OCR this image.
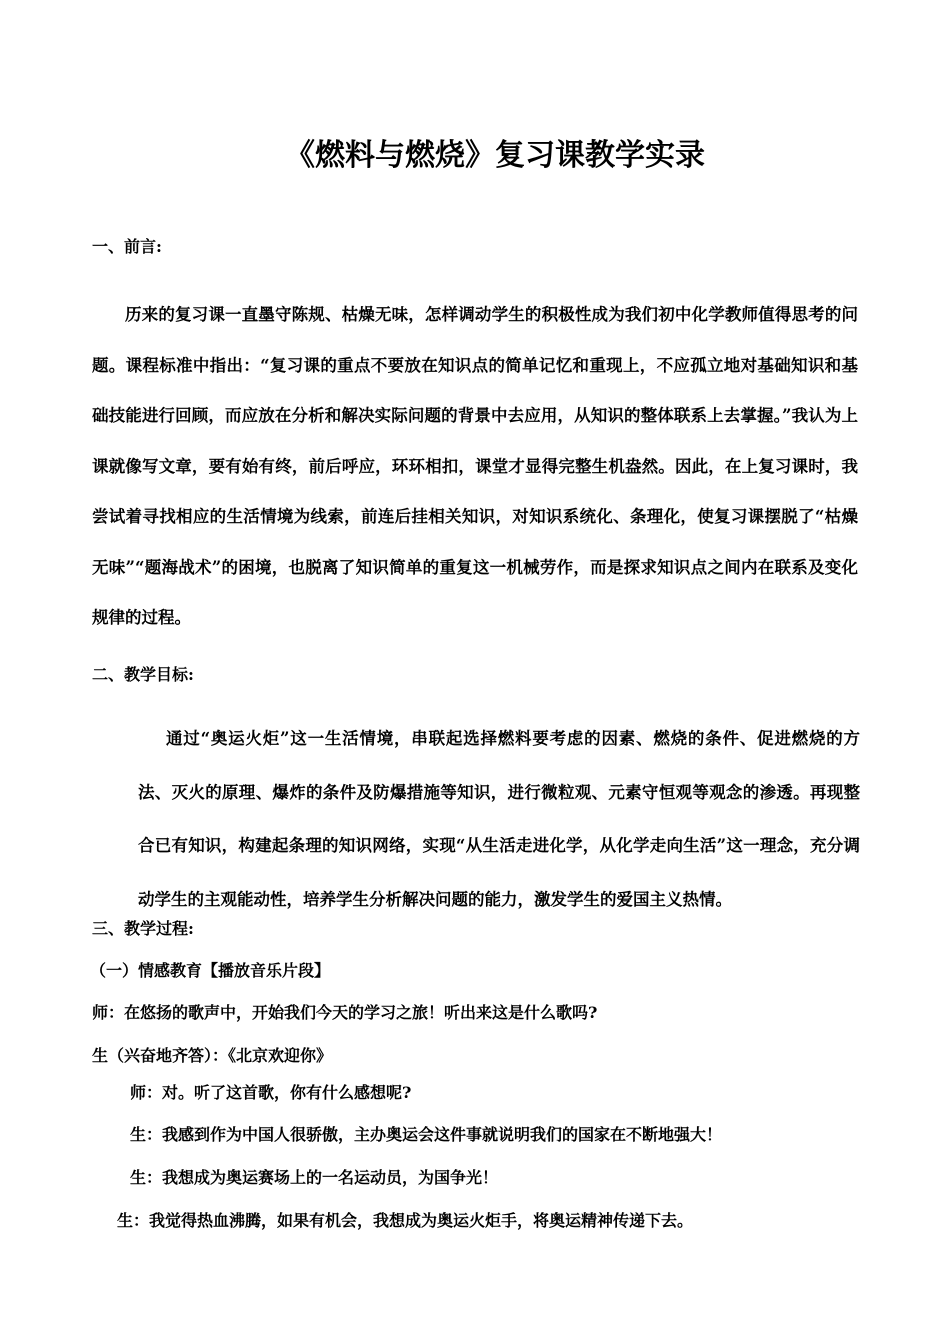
《燃料与燃烧》复习课教学实录
一、前言:
历来的复习课一直墨守陈规、枯燥无味，怎样调动学生的积极性成为我们初中化学教师值得思考的问题。课程标准中指出：“复习课的重点不要放在知识点的简单记忆和重现上，不应孤立地对基础知识和基础技能进行回顾，而应放在分析和解决实际问题的背景中去应用，从知识的整体联系上去掌握。”我认为上课就像写文章，要有始有终，前后呼应，环环相扣，课堂才显得完整生机盎然。因此，在上复习课时，我尝试着寻找相应的生活情境为线索，前连后挂相关知识，对知识系统化、条理化，使复习课摆脱了“枯燥无味”“题海战术”的困境，也脱离了知识简单的重复这一机械劳作，而是探求知识点之间内在联系及变化规律的过程。
二、教学目标:
通过“奥运火炬”这一生活情境，串联起选择燃料要考虑的因素、燃烧的条件、促进燃烧的方法、灭火的原理、爆炸的条件及防爆措施等知识，进行微粒观、元素守恒观等观念的渗透。再现整合已有知识，构建起条理的知识网络，实现“从生活走进化学，从化学走向生活”这一理念，充分调动学生的主观能动性，培养学生分析解决问题的能力，激发学生的爱国主义热情。
三、教学过程:
（一）情感教育【播放音乐片段】
师：在悠扬的歌声中，开始我们今天的学习之旅！听出来这是什么歌吗?
生（兴奋地齐答）：《北京欢迎你》
师：对。听了这首歌，你有什么感想呢?
生：我感到作为中国人很骄傲，主办奥运会这件事就说明我们的国家在不断地强大！
生：我想成为奥运赛场上的一名运动员，为国争光！
生：我觉得热血沸腾，如果有机会，我想成为奥运火炬手，将奥运精神传递下去。
